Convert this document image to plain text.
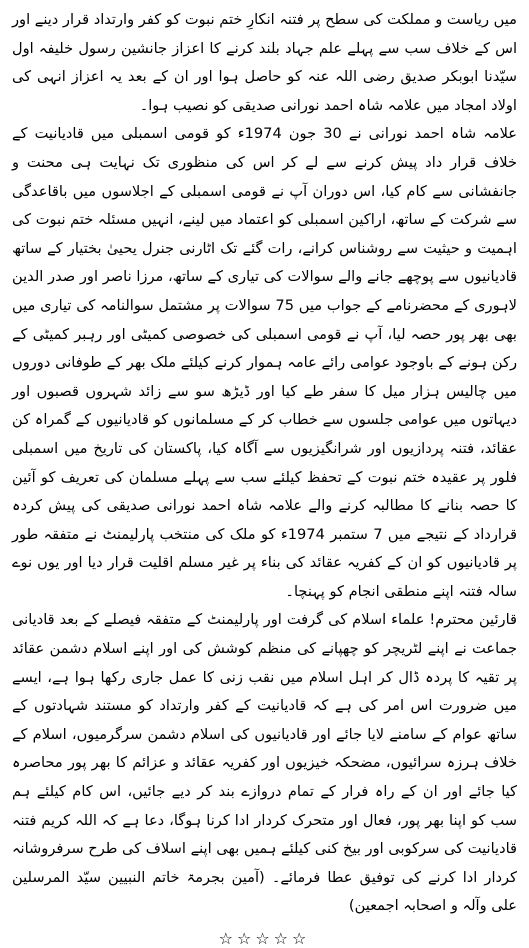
میں ریاست و مملکت کی سطح پر فتنہ انکارِ ختم نبوت کو کفر وارتداد قرار دینے اور اس کے خلاف سب سے پہلے علم جہاد بلند کرنے کا اعزاز جانشین رسول خلیفہ اول سیّدنا ابوبکر صدیق رضی اللہ عنہ کو حاصل ہوا اور ان کے بعد یہ اعزاز انہی کی اولاد امجاد میں علامہ شاہ احمد نورانی صدیقی کو نصیب ہوا۔

علامہ شاہ احمد نورانی نے 30 جون 1974ء کو قومی اسمبلی میں قادیانیت کے خلاف قرار داد پیش کرنے سے لے کر اس کی منظوری تک نہایت ہی محنت و جانفشانی سے کام کیا، اس دوران آپ نے قومی اسمبلی کے اجلاسوں میں باقاعدگی سے شرکت کے ساتھ، اراکین اسمبلی کو اعتماد میں لینے، انہیں مسئلہ ختم نبوت کی اہمیت و حیثیت سے روشناس کرانے، رات گئے تک اٹارنی جنرل یحییٰ بختیار کے ساتھ قادیانیوں سے پوچھے جانے والے سوالات کی تیاری کے ساتھ، مرزا ناصر اور صدر الدین لاہوری کے محضرنامے کے جواب میں 75 سوالات پر مشتمل سوالنامہ کی تیاری میں بھی بھر پور حصہ لیا، آپ نے قومی اسمبلی کی خصوصی کمیٹی اور رہبر کمیٹی کے رکن ہونے کے باوجود عوامی رائے عامہ ہموار کرنے کیلئے ملک بھر کے طوفانی دوروں میں چالیس ہزار میل کا سفر طے کیا اور ڈیڑھ سو سے زائد شہروں قصبوں اور دیہاتوں میں عوامی جلسوں سے خطاب کر کے مسلمانوں کو قادیانیوں کے گمراہ کن عقائد، فتنہ پردازیوں اور شرانگیزیوں سے آگاہ کیا، پاکستان کی تاریخ میں اسمبلی فلور پر عقیدہ ختم نبوت کے تحفظ کیلئے سب سے پہلے مسلمان کی تعریف کو آئین کا حصہ بنانے کا مطالبہ کرنے والے علامہ شاہ احمد نورانی صدیقی کی پیش کردہ قرارداد کے نتیجے میں 7 ستمبر 1974ء کو ملک کی منتخب پارلیمنٹ نے متفقہ طور پر قادیانیوں کو ان کے کفریہ عقائد کی بناء پر غیر مسلم اقلیت قرار دیا اور یوں نوے سالہ فتنہ اپنے منطقی انجام کو پہنچا۔

قارئین محترم! علماء اسلام کی گرفت اور پارلیمنٹ کے متفقہ فیصلے کے بعد قادیانی جماعت نے اپنے لٹریچر کو چھپانے کی منظم کوشش کی اور اپنے اسلام دشمن عقائد پر تقیہ کا پردہ ڈال کر اہل اسلام میں نقب زنی کا عمل جاری رکھا ہوا ہے، ایسے میں ضرورت اس امر کی ہے کہ قادیانیت کے کفر وارتداد کو مستند شہادتوں کے ساتھ عوام کے سامنے لایا جائے اور قادیانیوں کی اسلام دشمن سرگرمیوں، اسلام کے خلاف ہرزہ سرائیوں، مضحکہ خیزیوں اور کفریہ عقائد و عزائم کا بھر پور محاصرہ کیا جائے اور ان کے راہ فرار کے تمام دروازے بند کر دیے جائیں، اس کام کیلئے ہم سب کو اپنا بھر پور، فعال اور متحرک کردار ادا کرنا ہوگا، دعا ہے کہ اللہ کریم فتنہ قادیانیت کی سرکوبی اور بیخ کنی کیلئے ہمیں بھی اپنے اسلاف کی طرح سرفروشانہ کردار ادا کرنے کی توفیق عطا فرمائے۔ (آمین بجرمۃ خاتم النبیین سیّد المرسلین علی وآلہ و اصحابہ اجمعین)

☆☆☆☆☆
